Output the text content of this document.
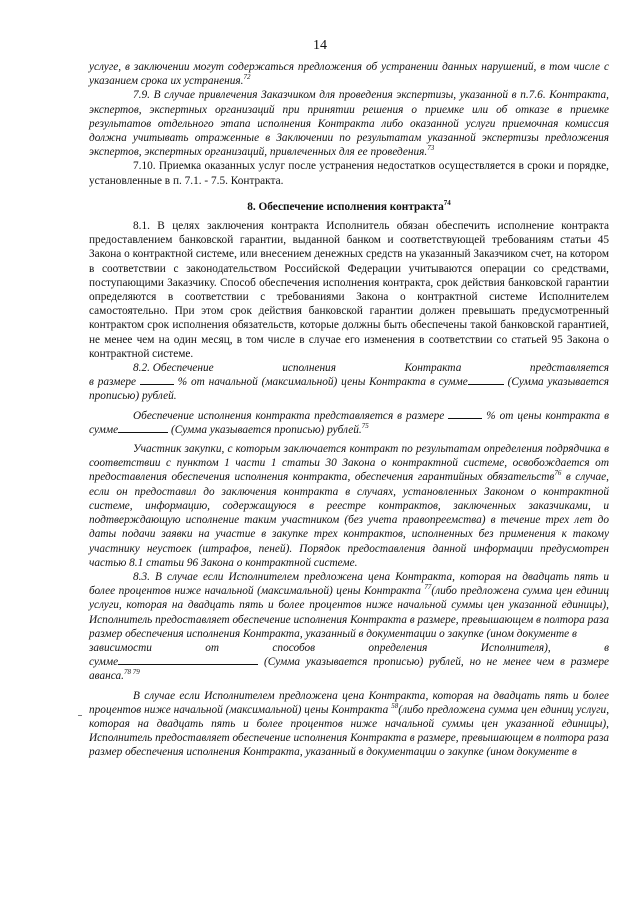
14

услуге, в заключении могут содержаться предложения об устранении данных нарушений, в том числе с указанием срока их устранения.$^{72}$

7.9. В случае привлечения Заказчиком для проведения экспертизы, указанной в п.7.6. Контракта, экспертов, экспертных организаций при принятии решения о приемке или об отказе в приемке результатов отдельного этапа исполнения Контракта либо оказанной услуги приемочная комиссия должна учитывать отраженные в Заключении по результатам указанной экспертизы предложения экспертов, экспертных организаций, привлеченных для ее проведения.$^{73}$

7.10. Приемка оказанных услуг после устранения недостатков осуществляется в сроки и порядке, установленные в п. 7.1. - 7.5. Контракта.

8. Обеспечение исполнения контракта$^{74}$

8.1. В целях заключения контракта Исполнитель обязан обеспечить исполнение контракта предоставлением банковской гарантии, выданной банком и соответствующей требованиям статьи 45 Закона о контрактной системе, или внесением денежных средств на указанный Заказчиком счет, на котором в соответствии с законодательством Российской Федерации учитываются операции со средствами, поступающими Заказчику. Способ обеспечения исполнения контракта, срок действия банковской гарантии определяются в соответствии с требованиями Закона о контрактной системе Исполнителем самостоятельно. При этом срок действия банковской гарантии должен превышать предусмотренный контрактом срок исполнения обязательств, которые должны быть обеспечены такой банковской гарантией, не менее чем на один месяц, в том числе в случае его изменения в соответствии со статьей 95 Закона о контрактной системе.

8.2. Обеспечение	исполнения	Контракта	представляется

в размере	% от начальной (максимальной) цены Контракта в сумме	(Сумма указывается прописью) рублей.

Обеспечение исполнения контракта представляется в размере	% от цены контракта в сумме	(Сумма указывается прописью) рублей.$^{75}$

Участник закупки, с которым заключается контракт по результатам определения подрядчика в соответствии с пунктом 1 части 1 статьи 30 Закона о контрактной системе, освобождается от предоставления обеспечения исполнения контракта, обеспечения гарантийных обязательств$^{76}$ в случае, если он предоставил до заключения контракта в случаях, установленных Законом о контрактной системе, информацию, содержащуюся в реестре контрактов, заключенных заказчиками, и подтверждающую исполнение таким участником (без учета правопреемства) в течение трех лет до даты подачи заявки на участие в закупке трех контрактов, исполненных без применения к такому участнику неустоек (штрафов, пеней). Порядок предоставления данной информации предусмотрен частью 8.1 статьи 96 Закона о контрактной системе.

8.3. В случае если Исполнителем предложена цена Контракта, которая на двадцать пять и более процентов ниже начальной (максимальной) цены Контракта $^{77}$(либо предложена сумма цен единиц услуги, которая на двадцать пять и более процентов ниже начальной суммы цен указанной единицы), Исполнитель предоставляет обеспечение исполнения Контракта в размере, превышающем в полтора раза размер обеспечения исполнения Контракта, указанный в документации о закупке (ином документе в

зависимости	от	способов	определения	Исполнителя),	в

сумме	(Сумма указывается прописью) рублей, но не менее чем в размере аванса.$^{78 79}$

В случае если Исполнителем предложена цена Контракта, которая на двадцать пять и более процентов ниже начальной (максимальной) цены Контракта $^{58}$(либо предложена сумма цен единиц услуги, которая на двадцать пять и более процентов ниже начальной суммы цен указанной единицы), Исполнитель предоставляет обеспечение исполнения Контракта в размере, превышающем в полтора раза размер обеспечения исполнения Контракта, указанный в документации о закупке (ином документе в
